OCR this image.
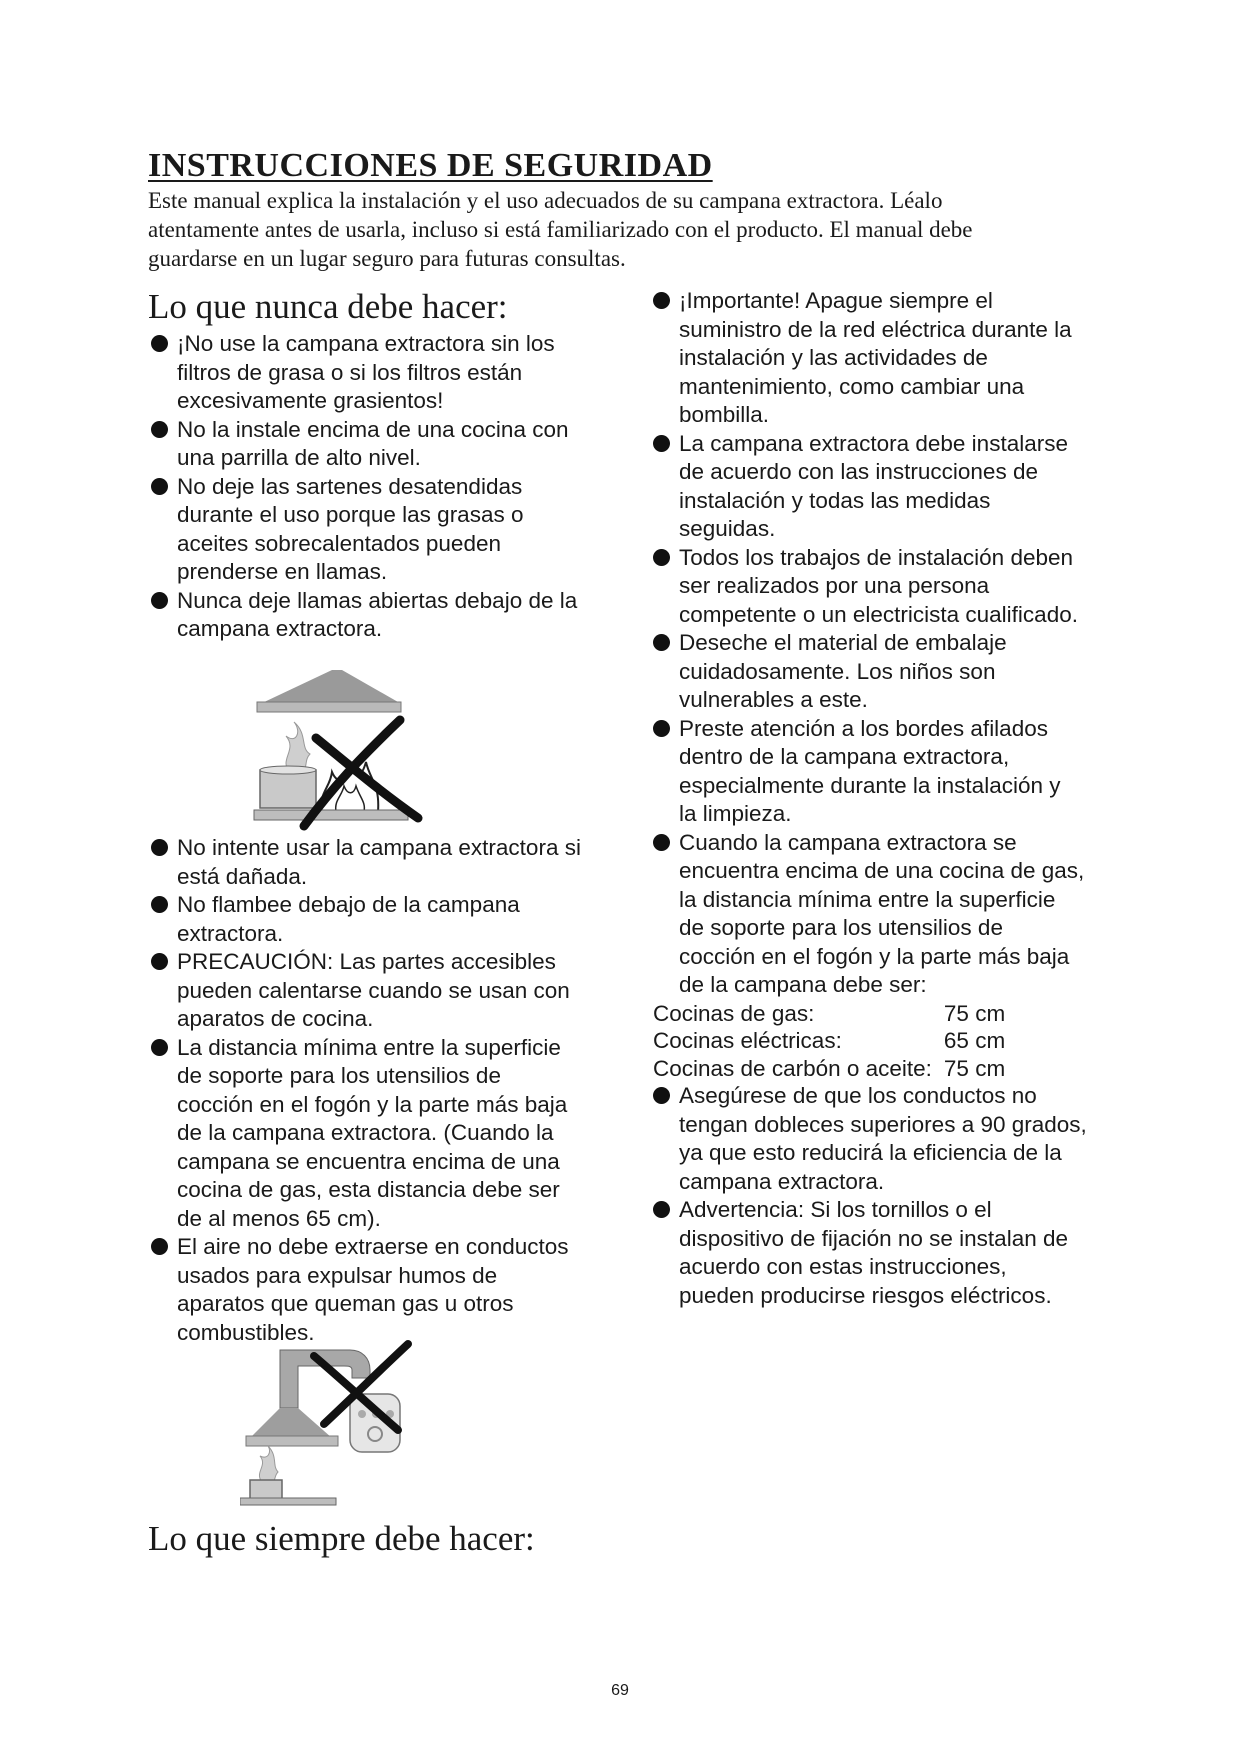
INSTRUCCIONES DE SEGURIDAD

Este manual explica la instalación y el uso adecuados de su campana extractora. Léalo
atentamente antes de usarla, incluso si está familiarizado con el producto. El manual debe
guardarse en un lugar seguro para futuras consultas.

Lo que nunca debe hacer:
¡No use la campana extractora sin los
filtros de grasa o si los filtros están
excesivamente grasientos!
No la instale encima de una cocina con
una parrilla de alto nivel.
No deje las sartenes desatendidas
durante el uso porque las grasas o
aceites sobrecalentados pueden
prenderse en llamas.
Nunca deje llamas abiertas debajo de la
campana extractora.
No intente usar la campana extractora si
está dañada.
No flambee debajo de la campana
extractora.
PRECAUCIÓN: Las partes accesibles
pueden calentarse cuando se usan con
aparatos de cocina.
La distancia mínima entre la superficie
de soporte para los utensilios de
cocción en el fogón y la parte más baja
de la campana extractora. (Cuando la
campana se encuentra encima de una
cocina de gas, esta distancia debe ser
de al menos 65 cm).
El aire no debe extraerse en conductos
usados para expulsar humos de
aparatos que queman gas u otros
combustibles.
Lo que siempre debe hacer:
¡Importante! Apague siempre el
suministro de la red eléctrica durante la
instalación y las actividades de
mantenimiento, como cambiar una
bombilla.
La campana extractora debe instalarse
de acuerdo con las instrucciones de
instalación y todas las medidas
seguidas.
Todos los trabajos de instalación deben
ser realizados por una persona
competente o un electricista cualificado.
Deseche el material de embalaje
cuidadosamente. Los niños son
vulnerables a este.
Preste atención a los bordes afilados
dentro de la campana extractora,
especialmente durante la instalación y
la limpieza.
Cuando la campana extractora se
encuentra encima de una cocina de gas,
la distancia mínima entre la superficie
de soporte para los utensilios de
cocción en el fogón y la parte más baja
de la campana debe ser:
Cocinas de gas:	75 cm
Cocinas eléctricas:	65 cm
Cocinas de carbón o aceite:	75 cm
Asegúrese de que los conductos no
tengan dobleces superiores a 90 grados,
ya que esto reducirá la eficiencia de la
campana extractora.
Advertencia: Si los tornillos o el
dispositivo de fijación no se instalan de
acuerdo con estas instrucciones,
pueden producirse riesgos eléctricos.
69
